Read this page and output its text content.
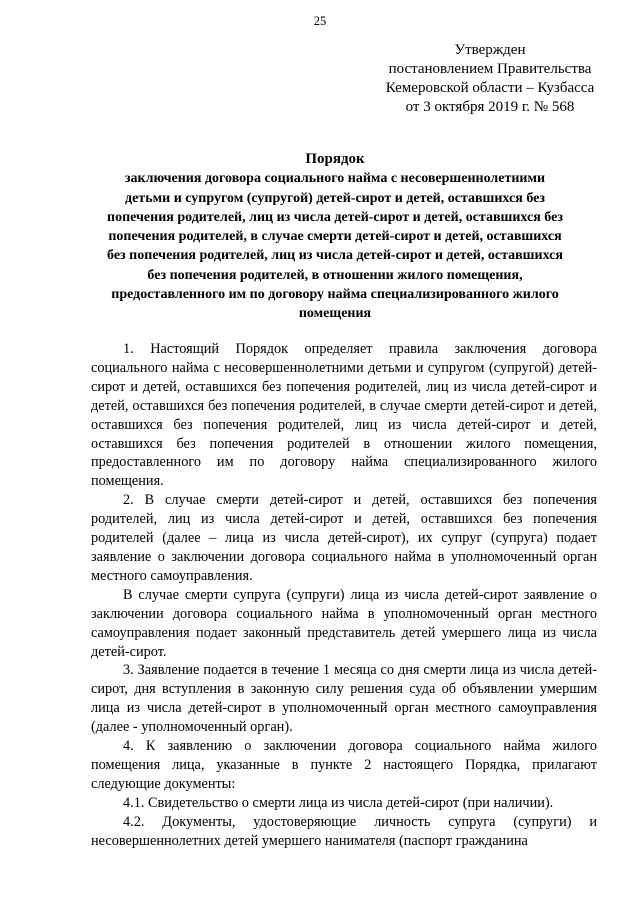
25
Утвержден
постановлением Правительства
Кемеровской области – Кузбасса
от 3 октября 2019 г. № 568
Порядок
заключения договора социального найма с несовершеннолетними
детьми и супругом (супругой) детей-сирот и детей, оставшихся без
попечения родителей, лиц из числа детей-сирот и детей, оставшихся без
попечения родителей, в случае смерти детей-сирот и детей, оставшихся
без попечения родителей, лиц из числа детей-сирот и детей, оставшихся
без попечения родителей, в отношении жилого помещения,
предоставленного им по договору найма специализированного жилого
помещения

1. Настоящий Порядок определяет правила заключения договора социального найма с несовершеннолетними детьми и супругом (супругой) детей-сирот и детей, оставшихся без попечения родителей, лиц из числа детей-сирот и детей, оставшихся без попечения родителей, в случае смерти детей-сирот и детей, оставшихся без попечения родителей, лиц из числа детей-сирот и детей, оставшихся без попечения родителей в отношении жилого помещения, предоставленного им по договору найма специализированного жилого помещения.

2. В случае смерти детей-сирот и детей, оставшихся без попечения родителей, лиц из числа детей-сирот и детей, оставшихся без попечения родителей (далее – лица из числа детей-сирот), их супруг (супруга) подает заявление о заключении договора социального найма в уполномоченный орган местного самоуправления.

В случае смерти супруга (супруги) лица из числа детей-сирот заявление о заключении договора социального найма в уполномоченный орган местного самоуправления подает законный представитель детей умершего лица из числа детей-сирот.

3. Заявление подается в течение 1 месяца со дня смерти лица из числа детей-сирот, дня вступления в законную силу решения суда об объявлении умершим лица из числа детей-сирот в уполномоченный орган местного самоуправления (далее - уполномоченный орган).

4. К заявлению о заключении договора социального найма жилого помещения лица, указанные в пункте 2 настоящего Порядка, прилагают следующие документы:

4.1. Свидетельство о смерти лица из числа детей-сирот (при наличии).

4.2. Документы, удостоверяющие личность супруга (супруги) и несовершеннолетних детей умершего нанимателя (паспорт гражданина
